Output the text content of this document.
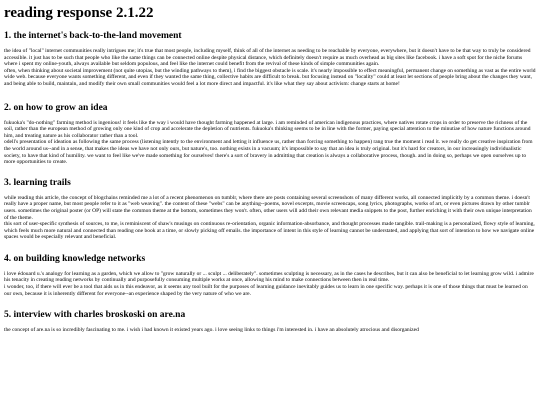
reading response 2.1.22
1. the internet's back-to-the-land movement

the idea of "local" internet communities really intrigues me; it's true that most people, including myself, think of all of the internet as needing to be reachable by everyone, everywhere, but it doesn't have to be that way to truly be considered accessible. it just has to be such that people who like the same things can be connected online despite physical distance, which definitely doesn't require as much overhead as big sites like facebook. i have a soft spot for the niche forums where i spent my online-youth, always available but seldom populous, and feel like the internet could benefit from the revival of these kinds of simple communities again.

often, when thinking about societal improvement (not quite utopias, but the winding pathways to them), i find the biggest obstacle is scale. it's nearly impossible to effect meaningful, permanent change on something as vast as the entire world wide web. because everyone wants something different, and even if they wanted the same thing, collective habits are difficult to break. but focusing instead on "locality" could at least let sections of people bring about the changes they want, and being able to build, maintain, and modify their own small communities would feel a lot more direct and impactful. it's like what they say about activism: change starts at home!

2. on how to grow an idea

fukuoka's "do-nothing" farming method is ingenious! it feels like the way i would have thought farming happened at large. i am reminded of american indigenous practices, where natives rotate crops in order to preserve the richness of the soil, rather than the european method of growing only one kind of crop and accelerate the depletion of nutrients. fukuoka's thinking seems to be in line with the former, paying special attention to the minutiae of how nature functions around him, and treating nature as his collaborator rather than a tool.

odell's presentation of ideation as following the same process (listening intently to the environment and letting it influence us, rather than forcing something to happen) rang true the moment i read it. we really do get creative inspiration from the world around us--and in a sense, that makes the ideas we have not only ours, but nature's, too. nothing exists in a vacuum; it's impossible to say that an idea is truly original. but it's hard for creators, in our increasingly individualistic society, to have that kind of humility. we want to feel like we've made something for ourselves! there's a sort of bravery in admitting that creation is always a collaborative process, though. and in doing so, perhaps we open ourselves up to more opportunities to create.

3. learning trails

while reading this article, the concept of blogchains reminded me a lot of a recent phenomenon on tumblr, where there are posts containing several screenshots of many different works, all connected implicitly by a common theme. i doesn't really have a proper name, but most people refer to it as "web weaving". the content of these "webs" can be anything--poems, novel excerpts, movie screencaps, song lyrics, photographs, works of art, or even pictures drawn by other tumblr users. sometimes the original poster (or OP) will state the common theme at the bottom, sometimes they won't. often, other users will add their own relevant media snippets to the post, further enriching it with their own unique interpretation of the theme.

this sort of user-specific synthesis of sources, to me, is reminiscent of shaw's musings on continuous re-orientation, organic information-absorbance, and thought processes made tangible. trail-making is a personalized, flowy style of learning, which feels much more natural and connected than reading one book at a time, or slowly picking off emails. the importance of intent in this style of learning cannot be understated, and applying that sort of intention to how we navigate online spaces would be especially relevant and beneficial.

4. on building knowledge networks

i love édouard u.'s analogy for learning as a garden, which we allow to "grow naturally or ... sculpt ... deliberately". sometimes sculpting is necessary, as in the cases he describes, but it can also be beneficial to let learning grow wild. i admire his tenacity in creating reading networks by continually and purposefully consuming multiple works at once, allowing his mind to make connections between then in real time.

i wonder, too, if there will ever be a tool that aids us in this endeavor, as it seems any tool built for the purposes of learning guidance inevitably guides us to learn in one specific way. perhaps it is one of those things that must be learned on our own, because it is inherently different for everyone--an experience shaped by the very nature of who we are.

5. interview with charles broskoski on are.na

the concept of are.na is so incredibly fascinating to me. i wish i had known it existed years ago. i love seeing links to things i'm interested in. i have an absolutely atrocious and disorganized
